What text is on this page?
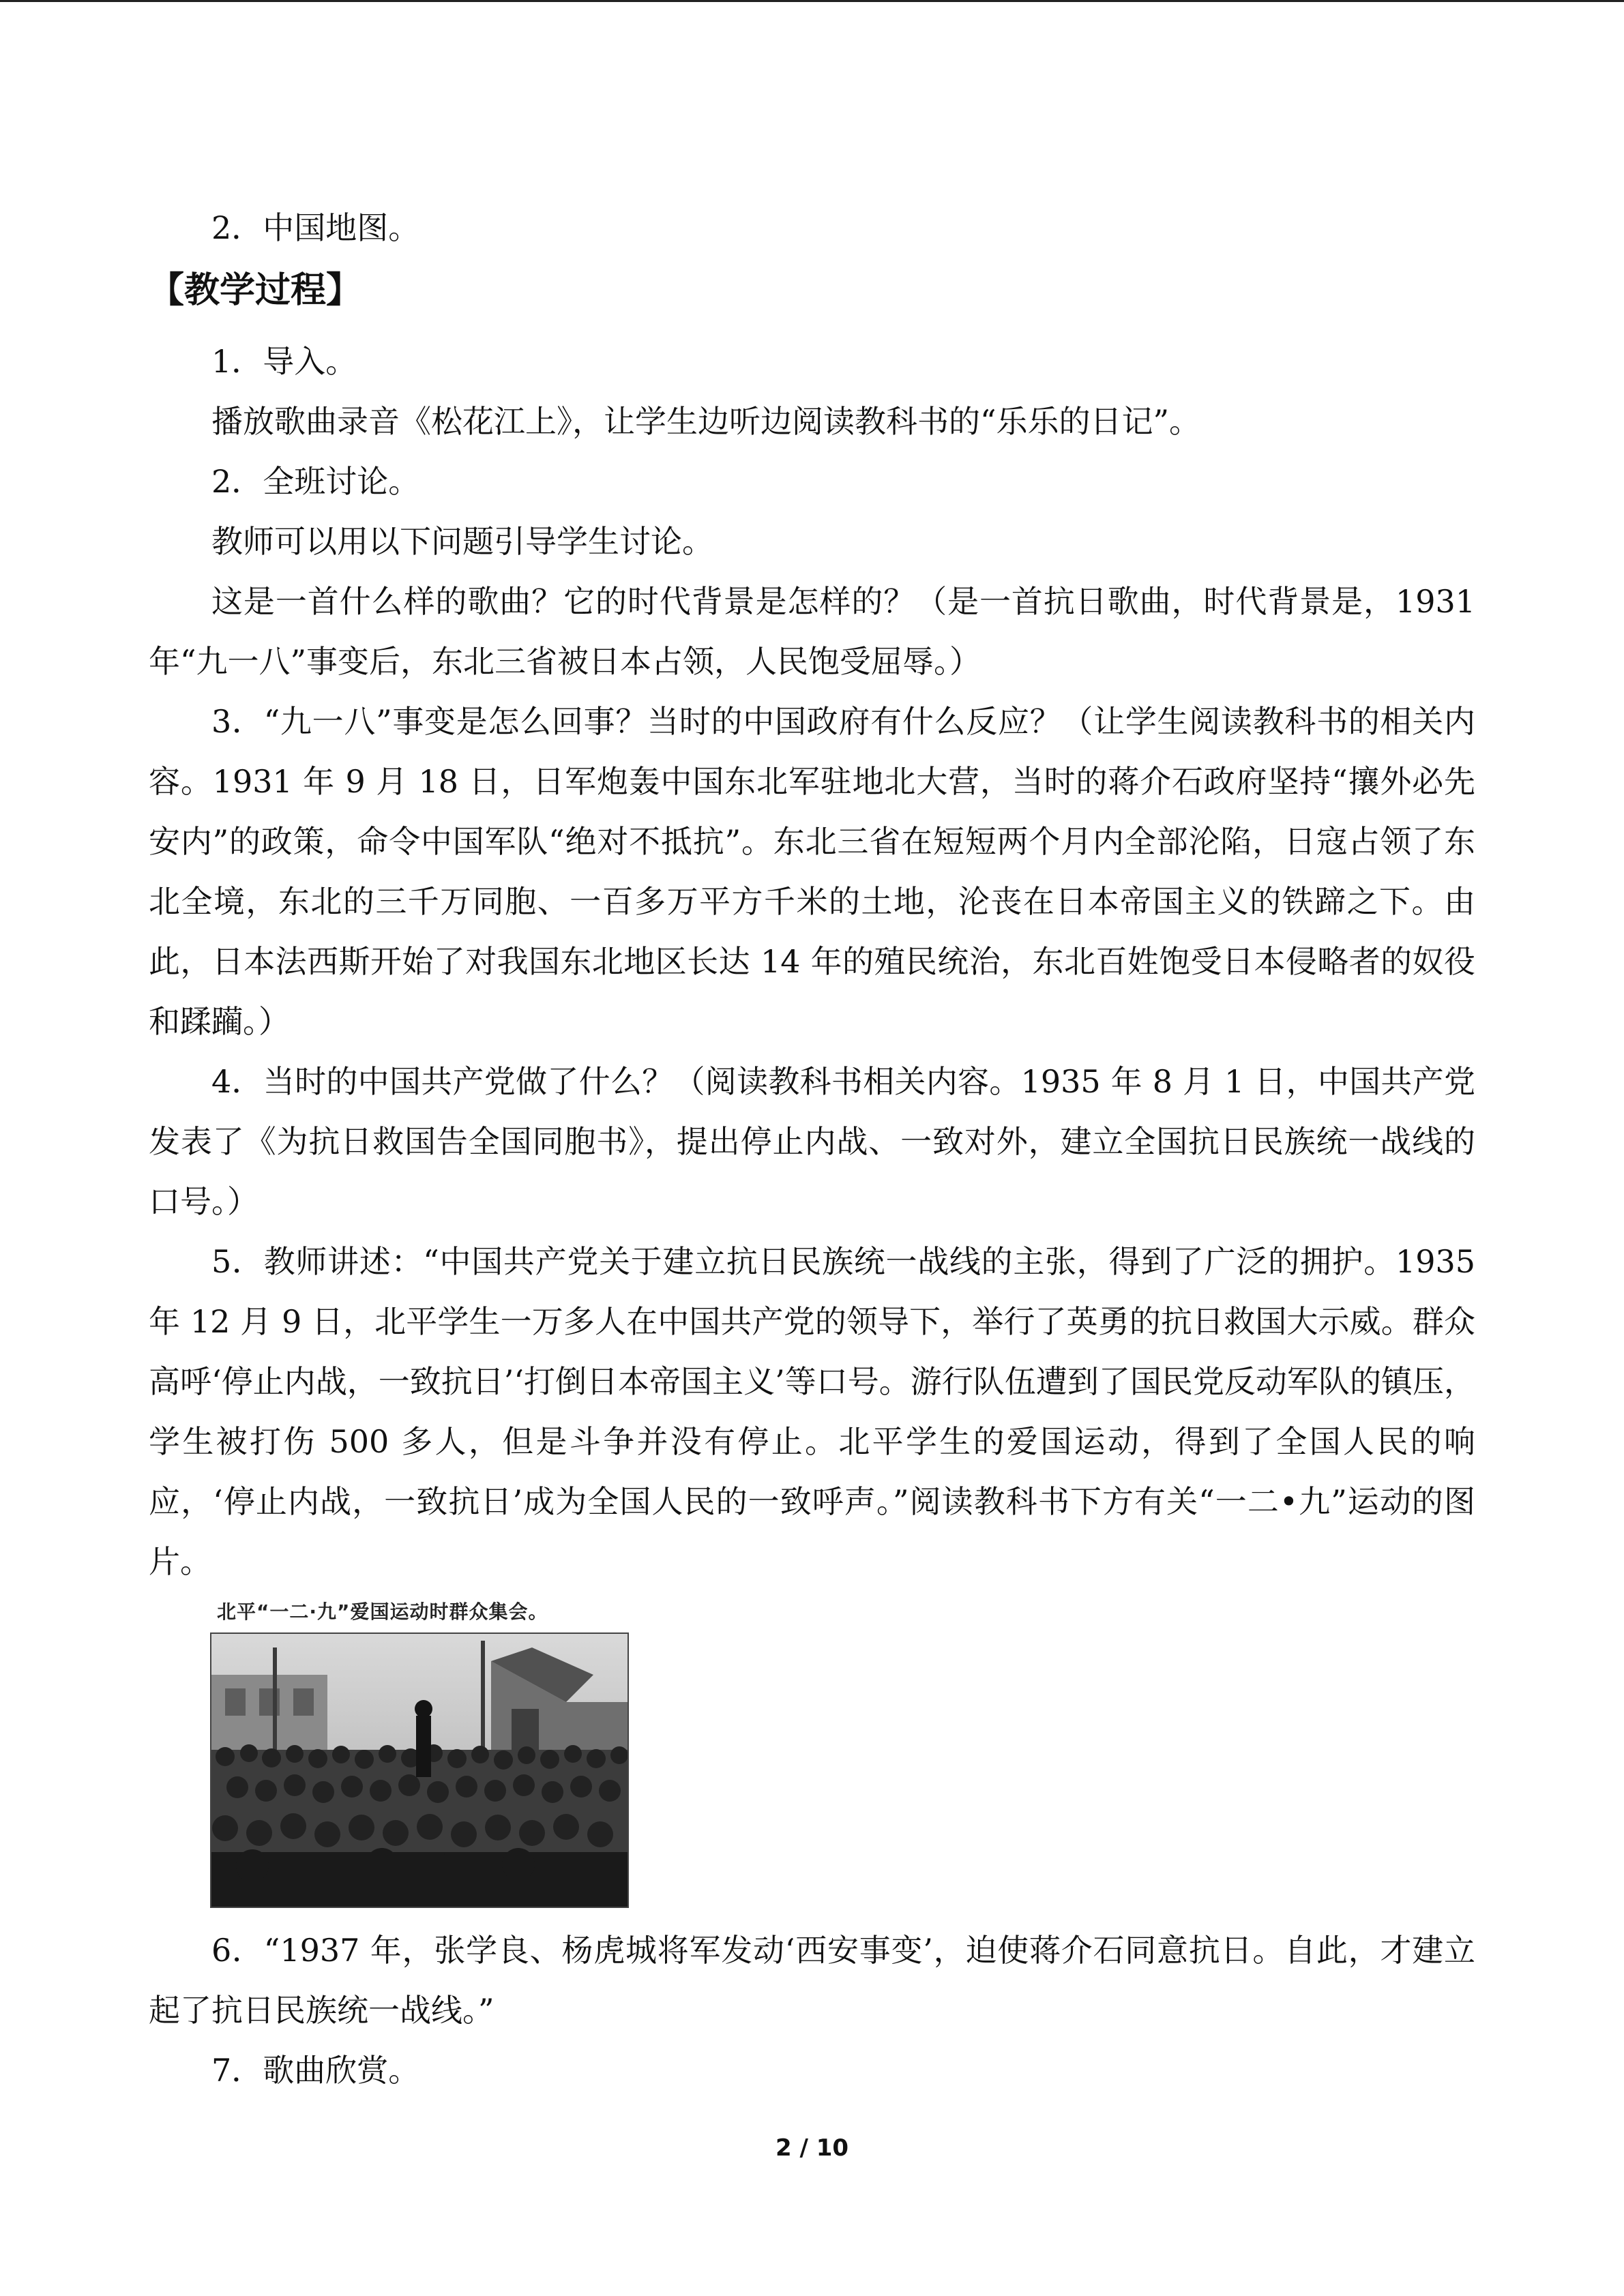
2．中国地图。

【教学过程】

1．导入。

播放歌曲录音《松花江上》，让学生边听边阅读教科书的“乐乐的日记”。

2．全班讨论。

教师可以用以下问题引导学生讨论。

这是一首什么样的歌曲？它的时代背景是怎样的？（是一首抗日歌曲，时代背景是，1931 年“九一八”事变后，东北三省被日本占领，人民饱受屈辱。）

3．“九一八”事变是怎么回事？当时的中国政府有什么反应？（让学生阅读教科书的相关内容。1931 年 9 月 18 日，日军炮轰中国东北军驻地北大营，当时的蒋介石政府坚持“攘外必先安内”的政策，命令中国军队“绝对不抵抗”。东北三省在短短两个月内全部沦陷，日寇占领了东北全境，东北的三千万同胞、一百多万平方千米的土地，沦丧在日本帝国主义的铁蹄之下。由此，日本法西斯开始了对我国东北地区长达 14 年的殖民统治，东北百姓饱受日本侵略者的奴役和蹂躏。）

4．当时的中国共产党做了什么？（阅读教科书相关内容。1935 年 8 月 1 日，中国共产党发表了《为抗日救国告全国同胞书》，提出停止内战、一致对外，建立全国抗日民族统一战线的口号。）

5．教师讲述：“中国共产党关于建立抗日民族统一战线的主张，得到了广泛的拥护。1935 年 12 月 9 日，北平学生一万多人在中国共产党的领导下，举行了英勇的抗日救国大示威。群众高呼‘停止内战，一致抗日’‘打倒日本帝国主义’等口号。游行队伍遭到了国民党反动军队的镇压，学生被打伤 500 多人，但是斗争并没有停止。北平学生的爱国运动，得到了全国人民的响应，‘停止内战，一致抗日’成为全国人民的一致呼声。”阅读教科书下方有关“一二•九”运动的图片。

北平“一二·九”爱国运动时群众集会。

6．“1937 年，张学良、杨虎城将军发动‘西安事变’，迫使蒋介石同意抗日。自此，才建立起了抗日民族统一战线。”

7．歌曲欣赏。

2 / 10
